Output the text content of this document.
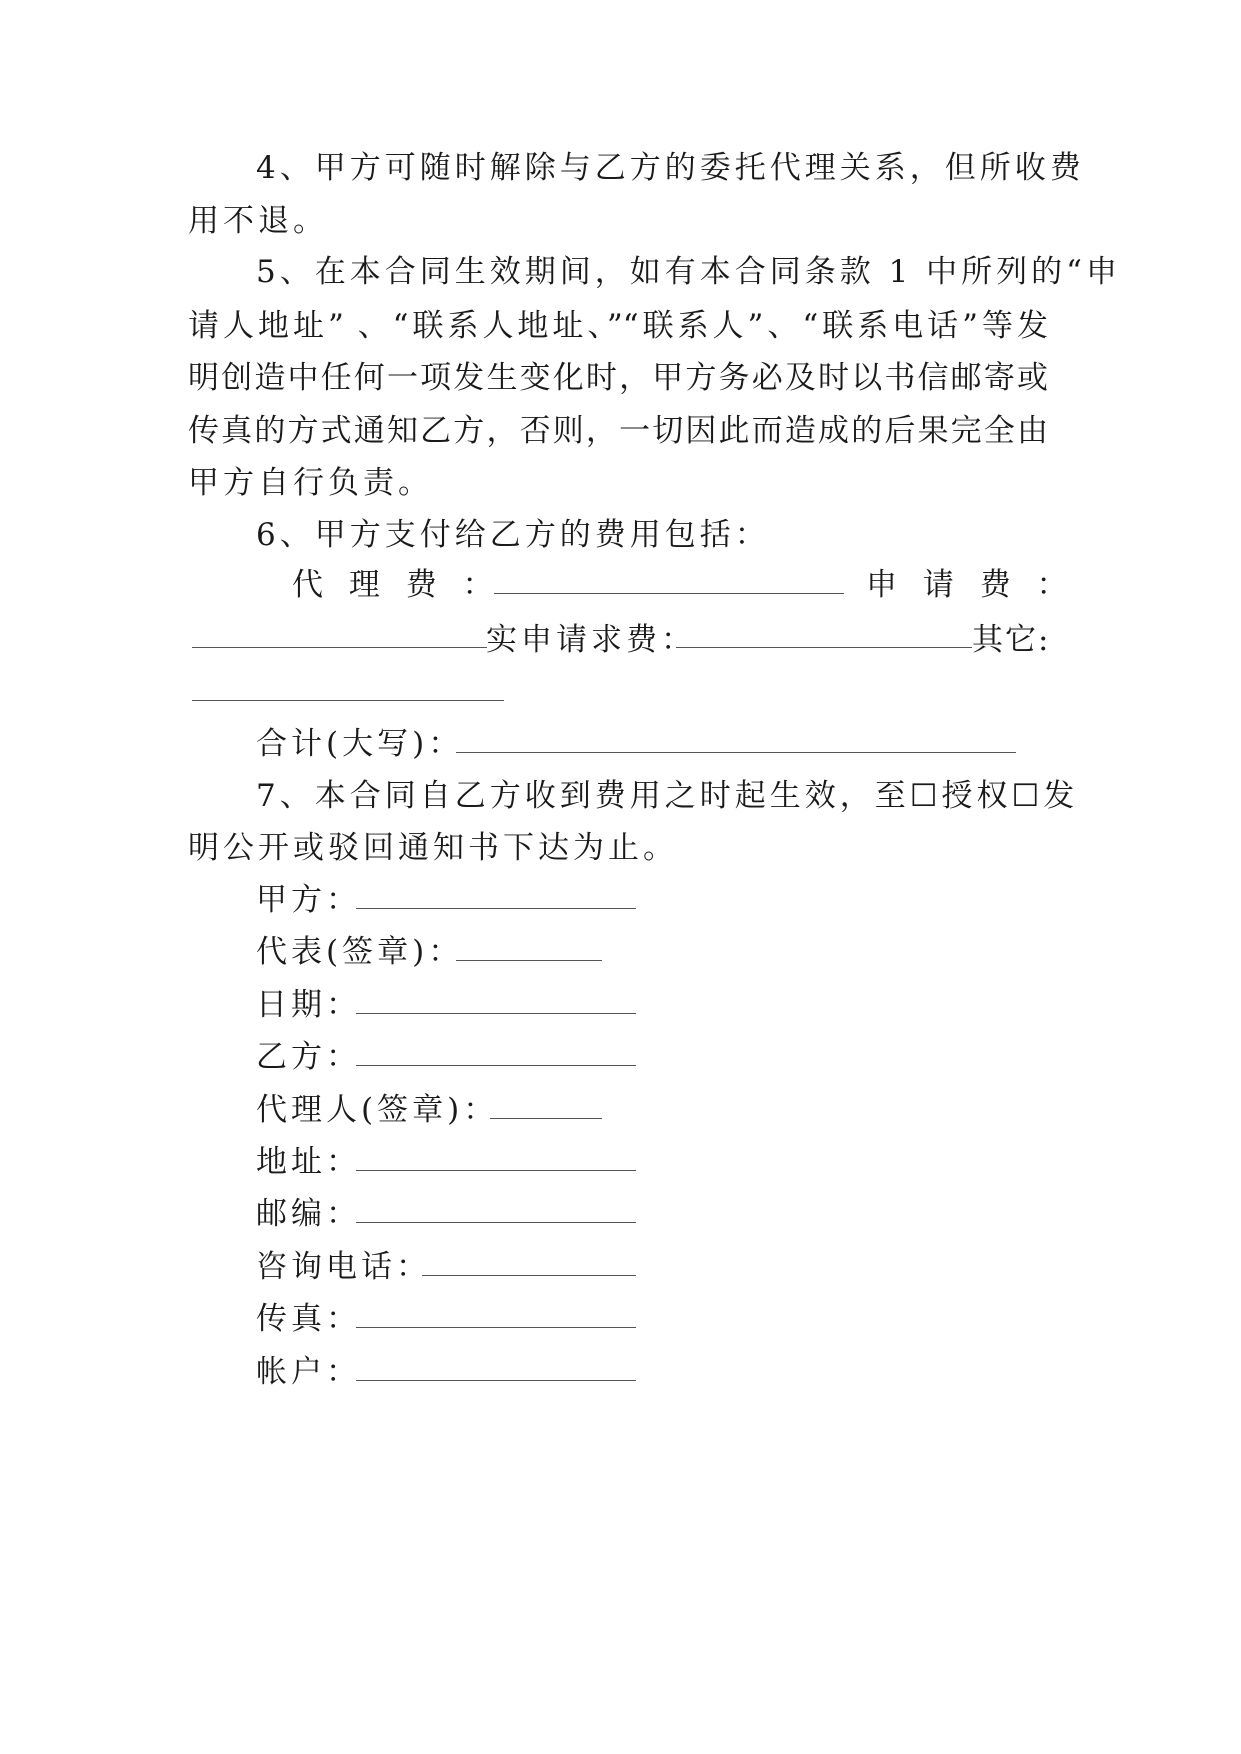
4、甲方可随时解除与乙方的委托代理关系，但所收费
用不退。
5、在本合同生效期间，如有本合同条款 1 中所列的“申
请人地址” 、“联系人地址、”“联系人”、“联系电话”等发
明创造中任何一项发生变化时，甲方务必及时以书信邮寄或
传真的方式通知乙方，否则，一切因此而造成的后果完全由
甲方自行负责。
6、甲方支付给乙方的费用包括：
代 理 费 ：	申 请 费 ：
实申请求费：	其它:
合计(大写)：
7、本合同自乙方收到费用之时起生效，至☐授权☐发
明公开或驳回通知书下达为止。
甲方：
代表(签章)：
日期：
乙方：
代理人(签章)：
地址：
邮编：
咨询电话：
传真：
帐户：
